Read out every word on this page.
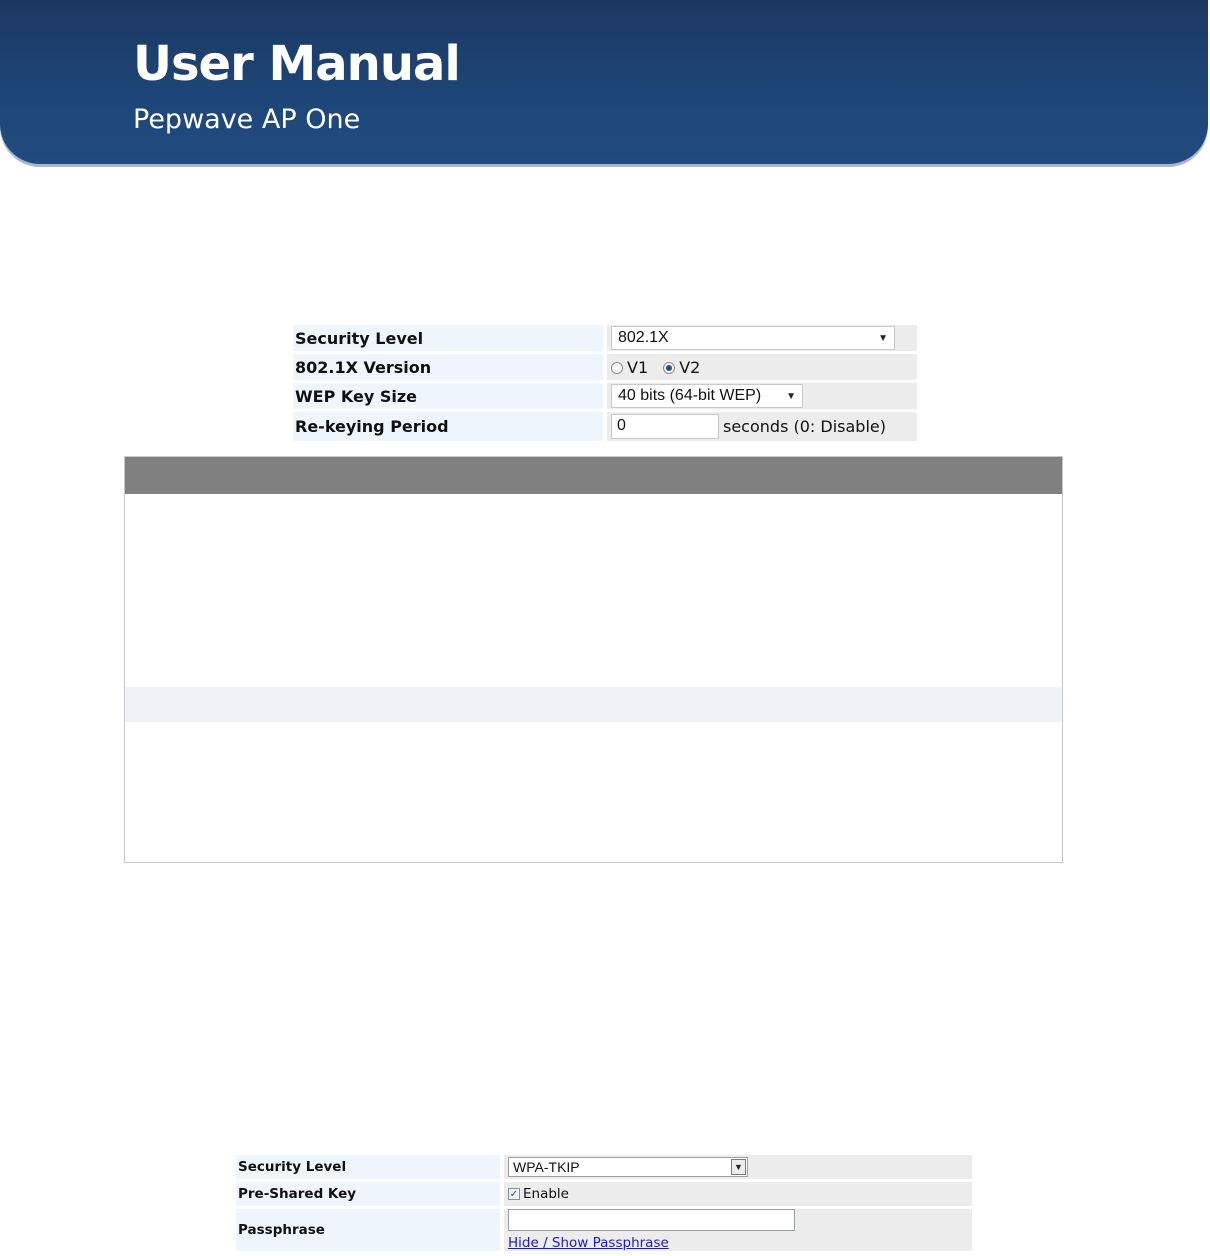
User Manual
Pepwave AP One
Security Level		802.1X ▼

802.1X Version		V1 V2
WEP Key Size		40 bits (64-bit WEP) ▼

Re-keying Period		0 seconds (0: Disable)
Security Level		WPA-TKIP ▼

Pre-Shared Key		✓ Enable
Passphrase		Hide / Show Passphrase
